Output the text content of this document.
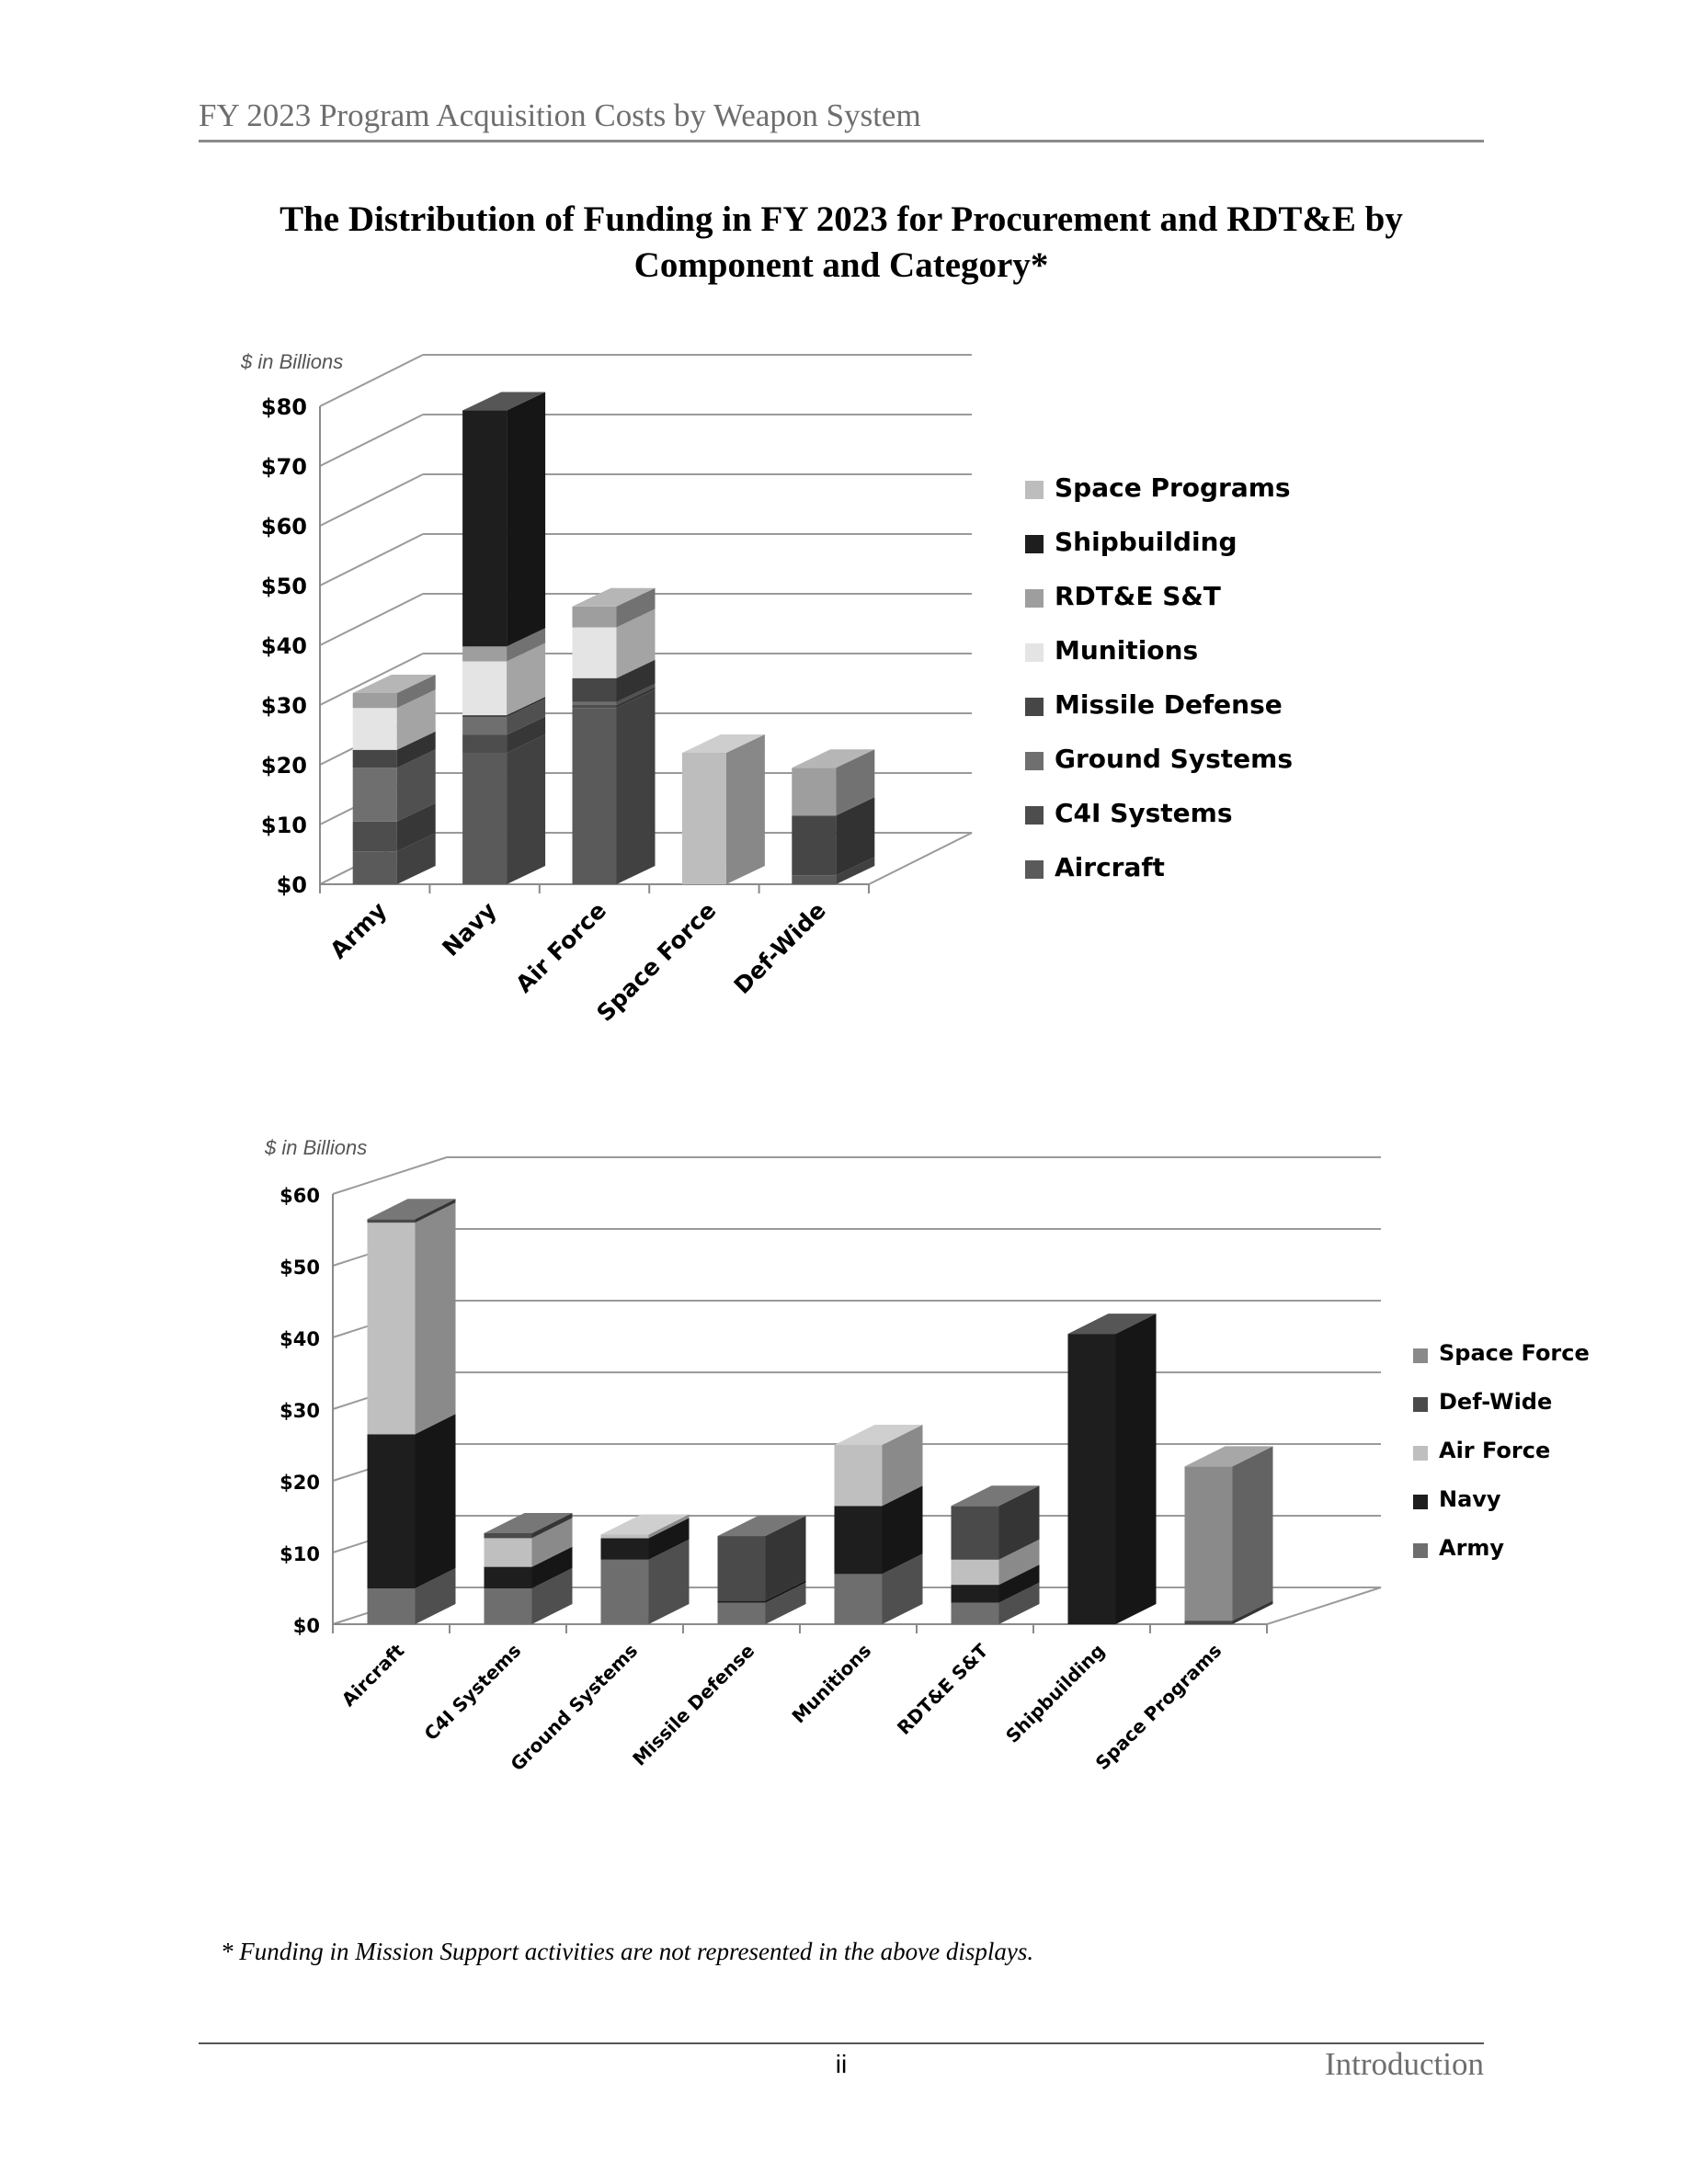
FY 2023 Program Acquisition Costs by Weapon System
The Distribution of Funding in FY 2023 for Procurement and RDT&E by
Component and Category*
$0
$10
$20
$30
$40
$50
$60
$70
$80
$ in Billions
Army Navy Air Force
Space Force Def-Wide
Space Programs
Shipbuilding
RDT&E S&T
Munitions
Missile Defense
Ground Systems
C4I Systems
Aircraft
$0
$10
$20
$30
$40
$50
$60
$ in Billions
Aircraft C4I Systems
Ground Systems
Missile Defense Munitions RDT&E S&T Shipbuilding
Space Programs
Space Force
Def-Wide
Air Force
Navy
Army
* Funding in Mission Support activities are not represented in the above displays.
ii	Introduction
